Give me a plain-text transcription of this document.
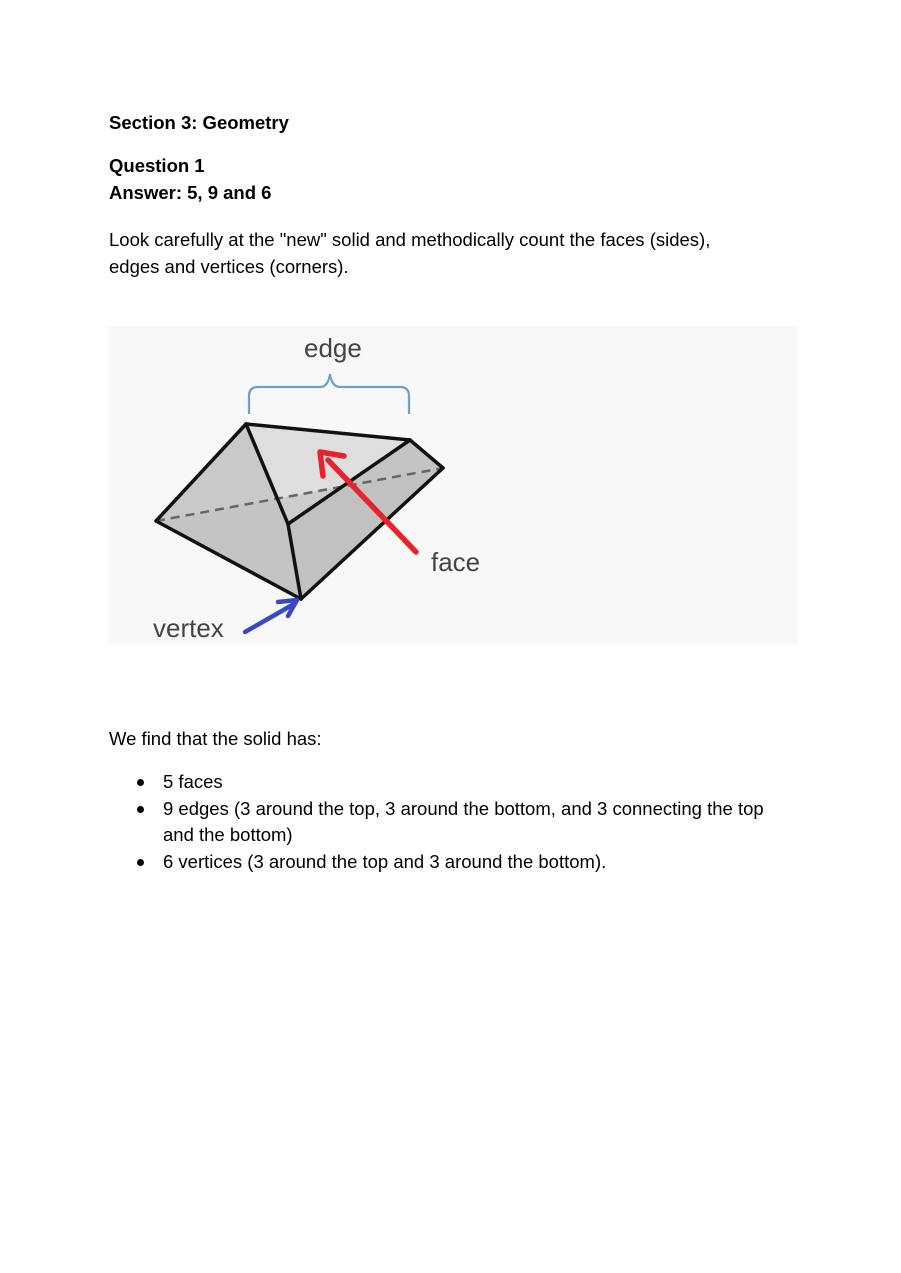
Section 3: Geometry
Question 1
Answer: 5, 9 and 6
Look carefully at the "new" solid and methodically count the faces (sides),
edges and vertices (corners).
edge
face
vertex
We find that the solid has:
5 faces
9 edges (3 around the top, 3 around the bottom, and 3 connecting the top and the bottom)
6 vertices (3 around the top and 3 around the bottom).
